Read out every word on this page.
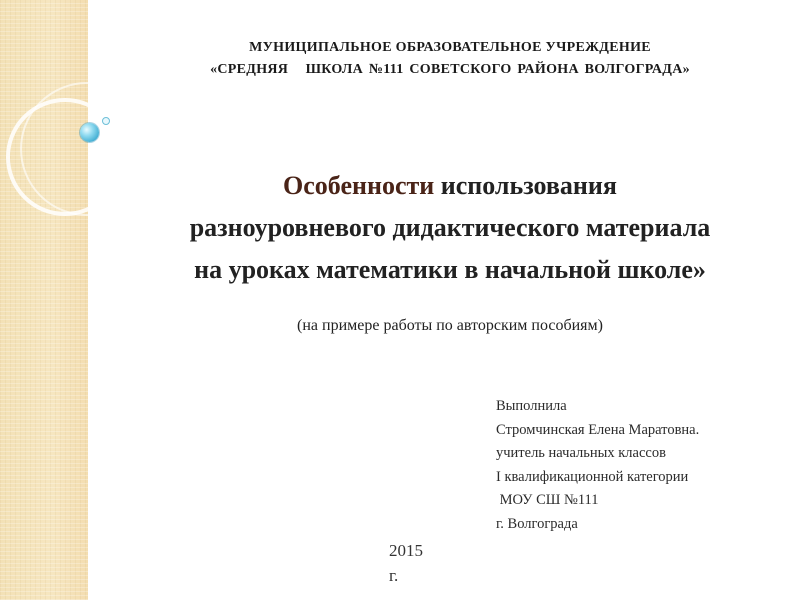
МУНИЦИПАЛЬНОЕ ОБРАЗОВАТЕЛЬНОЕ УЧРЕЖДЕНИЕ
«СРЕДНЯЯ   ШКОЛА №111 СОВЕТСКОГО РАЙОНА ВОЛГОГРАДА»
Особенности использования
разноуровневого дидактического материала
на уроках математики в начальной школе»
(на примере работы по авторским пособиям)
Выполнила
Стромчинская Елена Маратовна.
учитель начальных классов
I квалификационной категории
МОУ СШ №111
г. Волгограда
2015
г.
